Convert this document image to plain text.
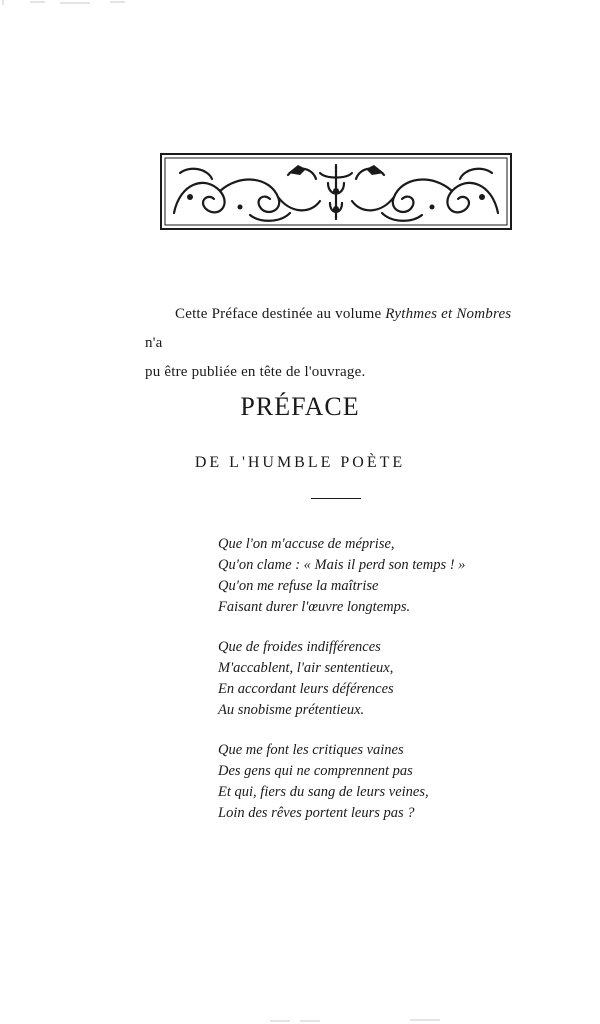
Cette Préface destinée au volume Rythmes et Nombres n'a
pu être publiée en tête de l'ouvrage.
PRÉFACE
DE L'HUMBLE POÈTE
Que l'on m'accuse de méprise,
Qu'on clame : « Mais il perd son temps ! »
Qu'on me refuse la maîtrise
Faisant durer l'œuvre longtemps.
Que de froides indifférences
M'accablent, l'air sententieux,
En accordant leurs déférences
Au snobisme prétentieux.
Que me font les critiques vaines
Des gens qui ne comprennent pas
Et qui, fiers du sang de leurs veines,
Loin des rêves portent leurs pas ?
